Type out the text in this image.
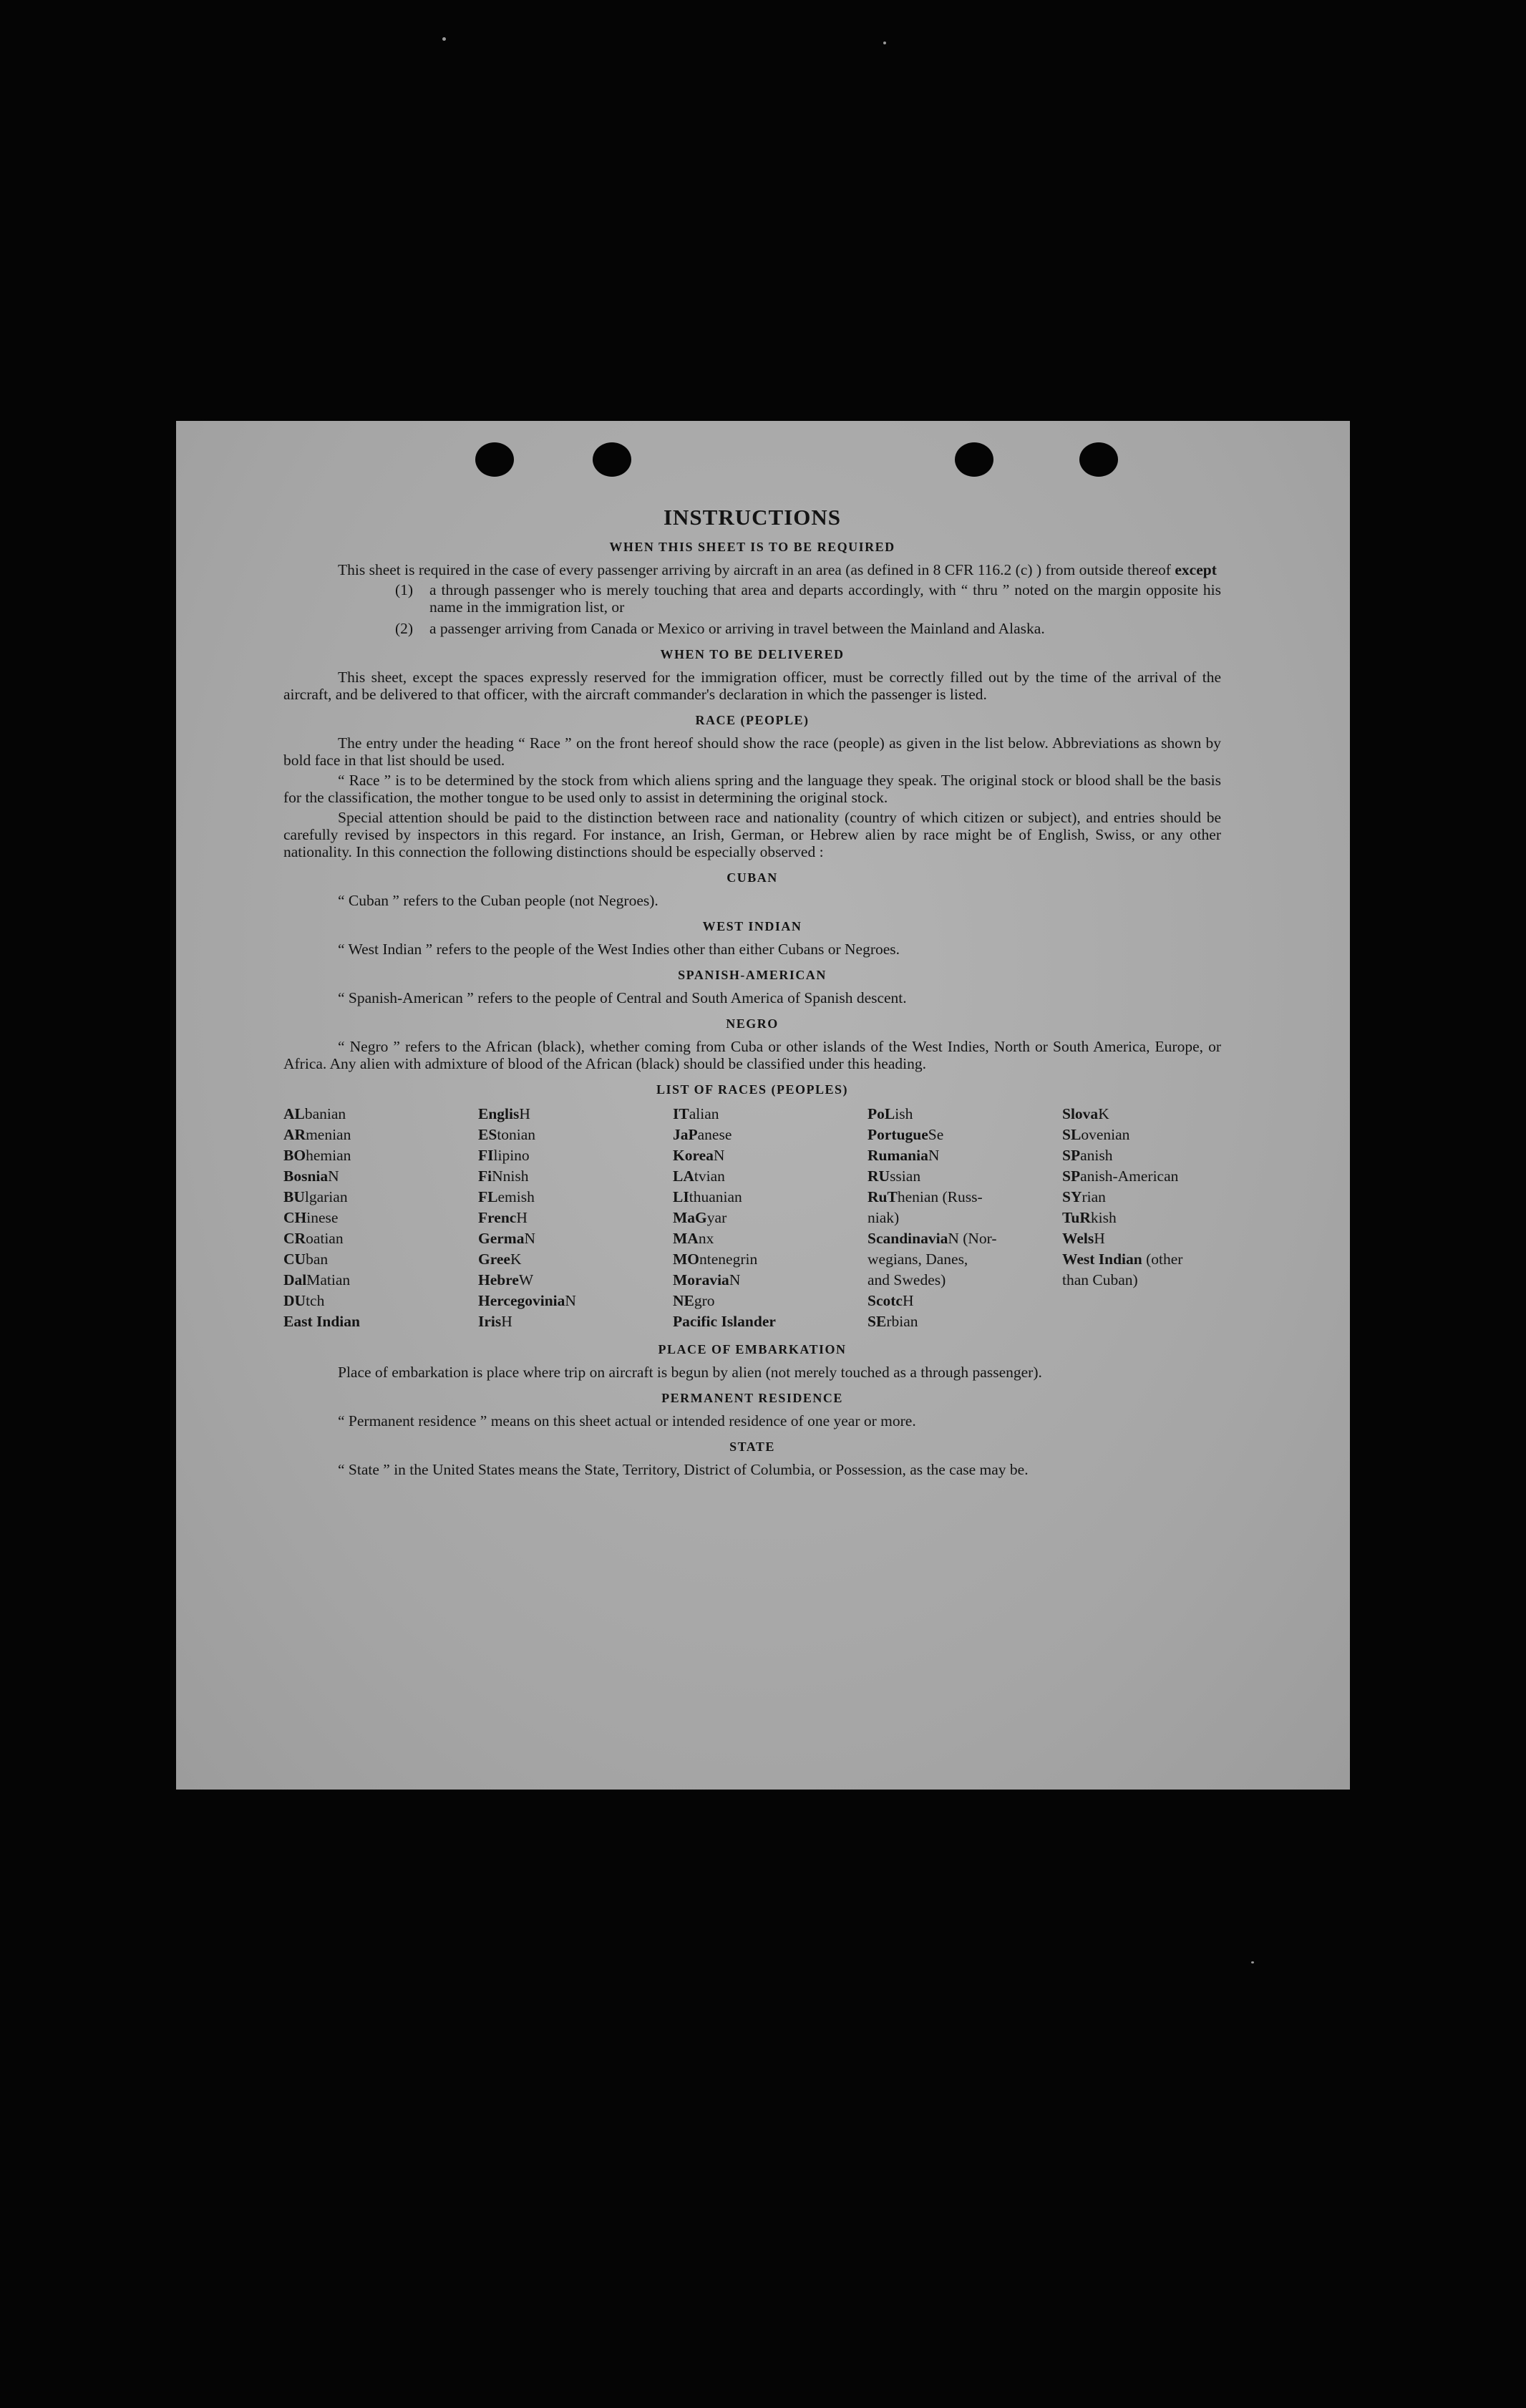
INSTRUCTIONS
WHEN THIS SHEET IS TO BE REQUIRED
This sheet is required in the case of every passenger arriving by aircraft in an area (as defined in 8 CFR 116.2 (c) ) from outside thereof except
(1)	a through passenger who is merely touching that area and departs accordingly, with “ thru ” noted on the margin opposite his name in the immigration list, or
(2)	a passenger arriving from Canada or Mexico or arriving in travel between the Mainland and Alaska.
WHEN TO BE DELIVERED
This sheet, except the spaces expressly reserved for the immigration officer, must be correctly filled out by the time of the arrival of the aircraft, and be delivered to that officer, with the aircraft commander's declaration in which the passenger is listed.
RACE (PEOPLE)
The entry under the heading “ Race ” on the front hereof should show the race (people) as given in the list below. Abbreviations as shown by bold face in that list should be used.
“ Race ” is to be determined by the stock from which aliens spring and the language they speak. The original stock or blood shall be the basis for the classification, the mother tongue to be used only to assist in determining the original stock.
Special attention should be paid to the distinction between race and nationality (country of which citizen or subject), and entries should be carefully revised by inspectors in this regard. For instance, an Irish, German, or Hebrew alien by race might be of English, Swiss, or any other nationality. In this connection the following distinctions should be especially observed :
CUBAN
“ Cuban ” refers to the Cuban people (not Negroes).
WEST INDIAN
“ West Indian ” refers to the people of the West Indies other than either Cubans or Negroes.
SPANISH-AMERICAN
“ Spanish-American ” refers to the people of Central and South America of Spanish descent.
NEGRO
“ Negro ” refers to the African (black), whether coming from Cuba or other islands of the West Indies, North or South America, Europe, or Africa. Any alien with admixture of blood of the African (black) should be classified under this heading.
LIST OF RACES (PEOPLES)
ALbanian
ARmenian
BOhemian
BosniaN
BUlgarian
CHinese
CRoatian
CUban
DalMatian
DUtch
East Indian
EnglisH
EStonian
FIlipino
FiNnish
FLemish
FrencH
GermaN
GreeK
HebreW
HercegoviniaN
IrisH
ITalian
JaPanese
KoreaN
LAtvian
LIthuanian
MaGyar
MAnx
MOntenegrin
MoraviaN
NEgro
Pacific Islander
PoLish
PortugueSe
RumaniaN
RUssian
RuThenian (Russ-
niak)
ScandinaviaN (Nor-
wegians, Danes,
and Swedes)
ScotcH
SErbian
SlovaK
SLovenian
SPanish
SPanish-American
SYrian
TuRkish
WelsH
West Indian (other
than Cuban)
PLACE OF EMBARKATION
Place of embarkation is place where trip on aircraft is begun by alien (not merely touched as a through passenger).
PERMANENT RESIDENCE
“ Permanent residence ” means on this sheet actual or intended residence of one year or more.
STATE
“ State ” in the United States means the State, Territory, District of Columbia, or Possession, as the case may be.
